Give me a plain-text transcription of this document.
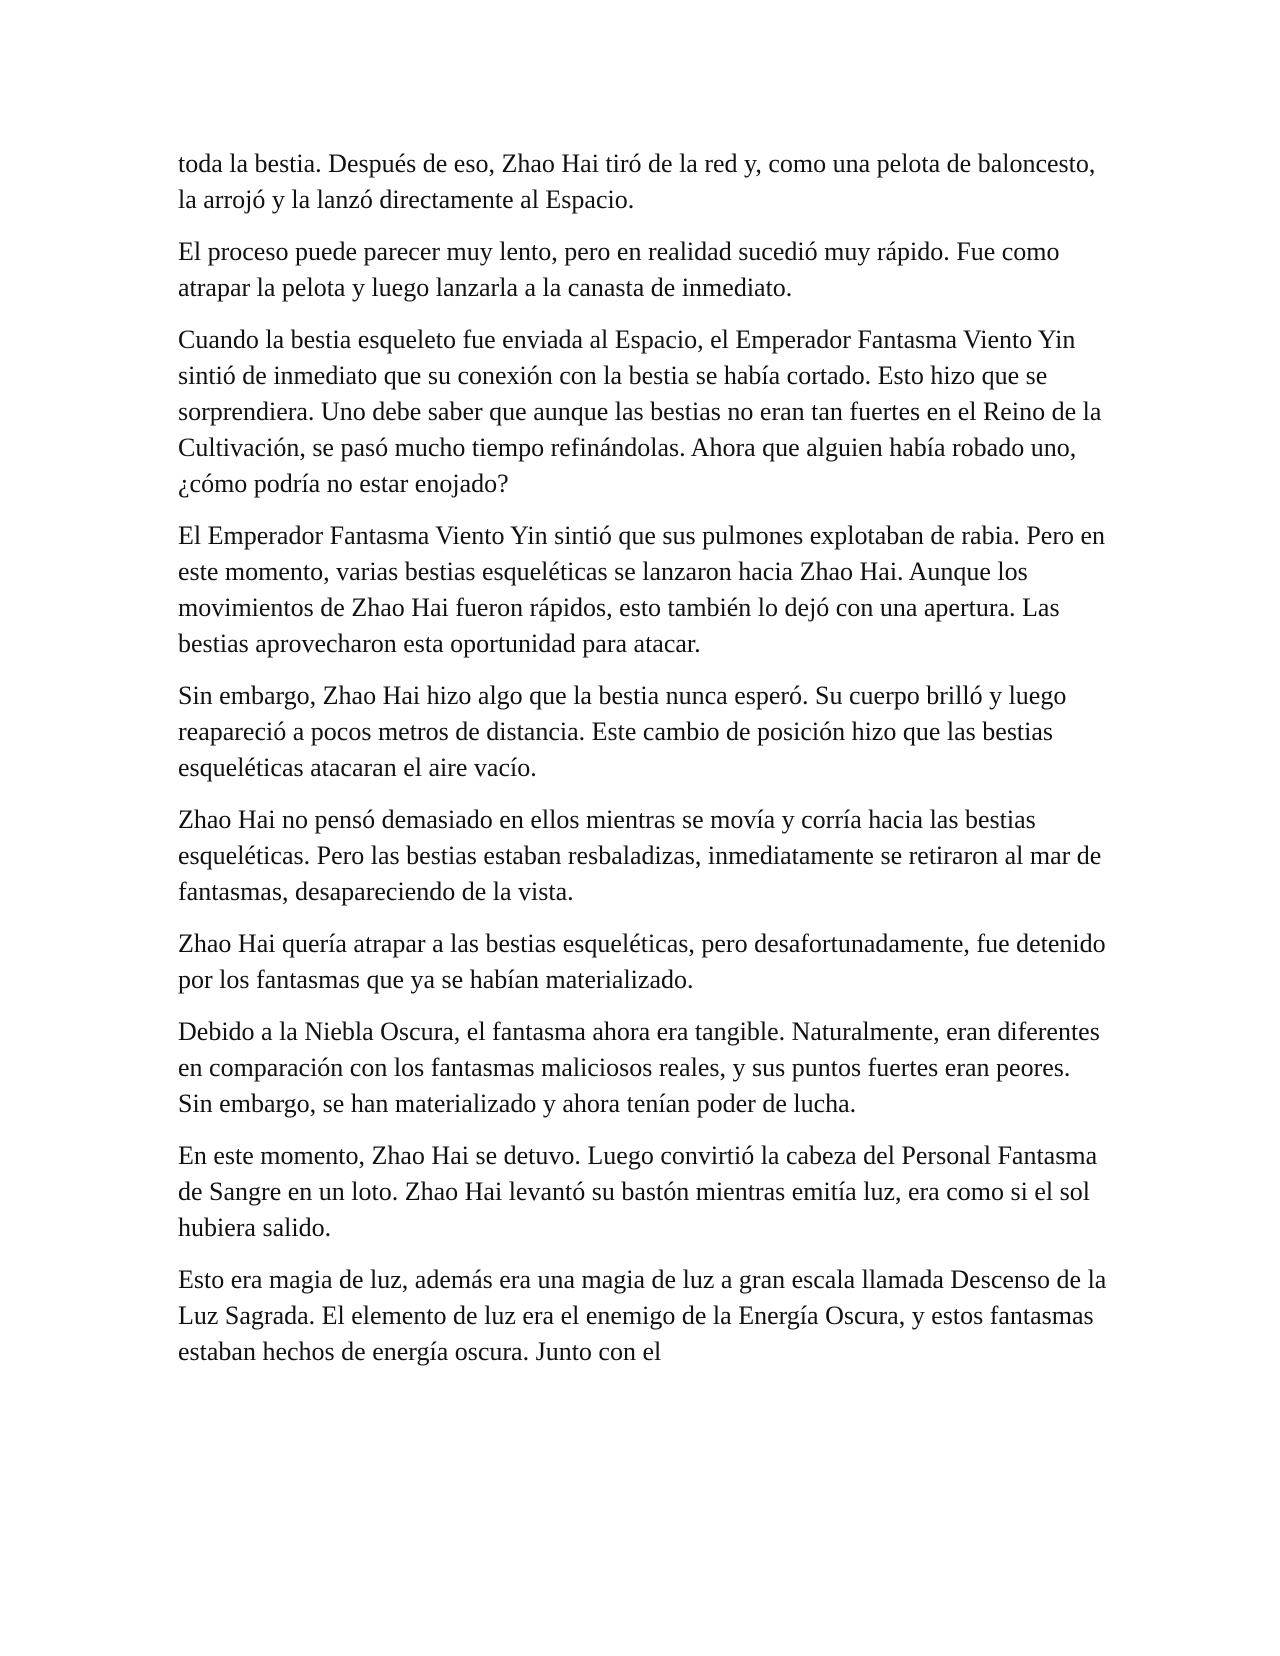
toda la bestia. Después de eso, Zhao Hai tiró de la red y, como una pelota de baloncesto, la arrojó y la lanzó directamente al Espacio.

El proceso puede parecer muy lento, pero en realidad sucedió muy rápido. Fue como atrapar la pelota y luego lanzarla a la canasta de inmediato.

Cuando la bestia esqueleto fue enviada al Espacio, el Emperador Fantasma Viento Yin sintió de inmediato que su conexión con la bestia se había cortado. Esto hizo que se sorprendiera. Uno debe saber que aunque las bestias no eran tan fuertes en el Reino de la Cultivación, se pasó mucho tiempo refinándolas. Ahora que alguien había robado uno, ¿cómo podría no estar enojado?

El Emperador Fantasma Viento Yin sintió que sus pulmones explotaban de rabia. Pero en este momento, varias bestias esqueléticas se lanzaron hacia Zhao Hai. Aunque los movimientos de Zhao Hai fueron rápidos, esto también lo dejó con una apertura. Las bestias aprovecharon esta oportunidad para atacar.

Sin embargo, Zhao Hai hizo algo que la bestia nunca esperó. Su cuerpo brilló y luego reapareció a pocos metros de distancia. Este cambio de posición hizo que las bestias esqueléticas atacaran el aire vacío.

Zhao Hai no pensó demasiado en ellos mientras se movía y corría hacia las bestias esqueléticas. Pero las bestias estaban resbaladizas, inmediatamente se retiraron al mar de fantasmas, desapareciendo de la vista.

Zhao Hai quería atrapar a las bestias esqueléticas, pero desafortunadamente, fue detenido por los fantasmas que ya se habían materializado.

Debido a la Niebla Oscura, el fantasma ahora era tangible. Naturalmente, eran diferentes en comparación con los fantasmas maliciosos reales, y sus puntos fuertes eran peores. Sin embargo, se han materializado y ahora tenían poder de lucha.

En este momento, Zhao Hai se detuvo. Luego convirtió la cabeza del Personal Fantasma de Sangre en un loto. Zhao Hai levantó su bastón mientras emitía luz, era como si el sol hubiera salido.

Esto era magia de luz, además era una magia de luz a gran escala llamada Descenso de la Luz Sagrada. El elemento de luz era el enemigo de la Energía Oscura, y estos fantasmas estaban hechos de energía oscura. Junto con el
